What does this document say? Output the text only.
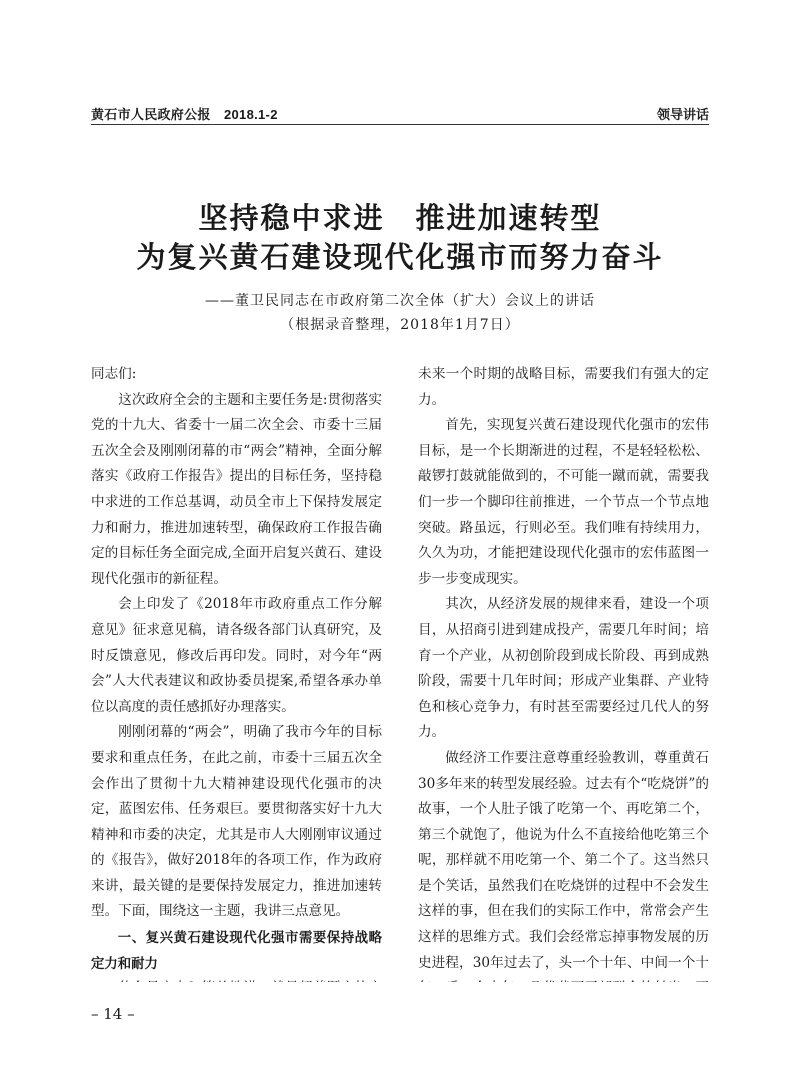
黄石市人民政府公报　2018.1-2	领导讲话
坚持稳中求进　推进加速转型
为复兴黄石建设现代化强市而努力奋斗
——董卫民同志在市政府第二次全体（扩大）会议上的讲话
（根据录音整理，2018年1月7日）

同志们:

这次政府全会的主题和主要任务是:贯彻落实党的十九大、省委十一届二次全会、市委十三届五次全会及刚刚闭幕的市“两会”精神，全面分解落实《政府工作报告》提出的目标任务，坚持稳中求进的工作总基调，动员全市上下保持发展定力和耐力，推进加速转型，确保政府工作报告确定的目标任务全面完成,全面开启复兴黄石、建设现代化强市的新征程。

会上印发了《2018年市政府重点工作分解意见》征求意见稿，请各级各部门认真研究，及时反馈意见，修改后再印发。同时，对今年“两会”人大代表建议和政协委员提案,希望各承办单位以高度的责任感抓好办理落实。

刚刚闭幕的“两会”，明确了我市今年的目标要求和重点任务，在此之前，市委十三届五次全会作出了贯彻十九大精神建设现代化强市的决定，蓝图宏伟、任务艰巨。要贯彻落实好十九大精神和市委的决定，尤其是市人大刚刚审议通过的《报告》，做好2018年的各项工作，作为政府来讲，最关键的是要保持发展定力，推进加速转型。下面，围绕这一主题，我讲三点意见。

一、复兴黄石建设现代化强市需要保持战略定力和耐力

未来一个时期的战略目标，需要我们有强大的定力。

首先，实现复兴黄石建设现代化强市的宏伟目标，是一个长期渐进的过程，不是轻轻松松、敲锣打鼓就能做到的，不可能一蹴而就，需要我们一步一个脚印往前推进，一个节点一个节点地突破。路虽远，行则必至。我们唯有持续用力，久久为功，才能把建设现代化强市的宏伟蓝图一步一步变成现实。

其次，从经济发展的规律来看，建设一个项目，从招商引进到建成投产，需要几年时间；培育一个产业，从初创阶段到成长阶段、再到成熟阶段，需要十几年时间；形成产业集群、产业特色和核心竞争力，有时甚至需要经过几代人的努力。

做经济工作要注意尊重经验教训，尊重黄石30多年来的转型发展经验。过去有个“吃烧饼”的故事，一个人肚子饿了吃第一个、再吃第二个，第三个就饱了，他说为什么不直接给他吃第三个呢，那样就不用吃第一个、第二个了。这当然只是个笑话，虽然我们在吃烧饼的过程中不会发生这样的事，但在我们的实际工作中，常常会产生这样的思维方式。我们会经常忘掉事物发展的历史进程，30年过去了，头一个十年、中间一个十

– 14 –
